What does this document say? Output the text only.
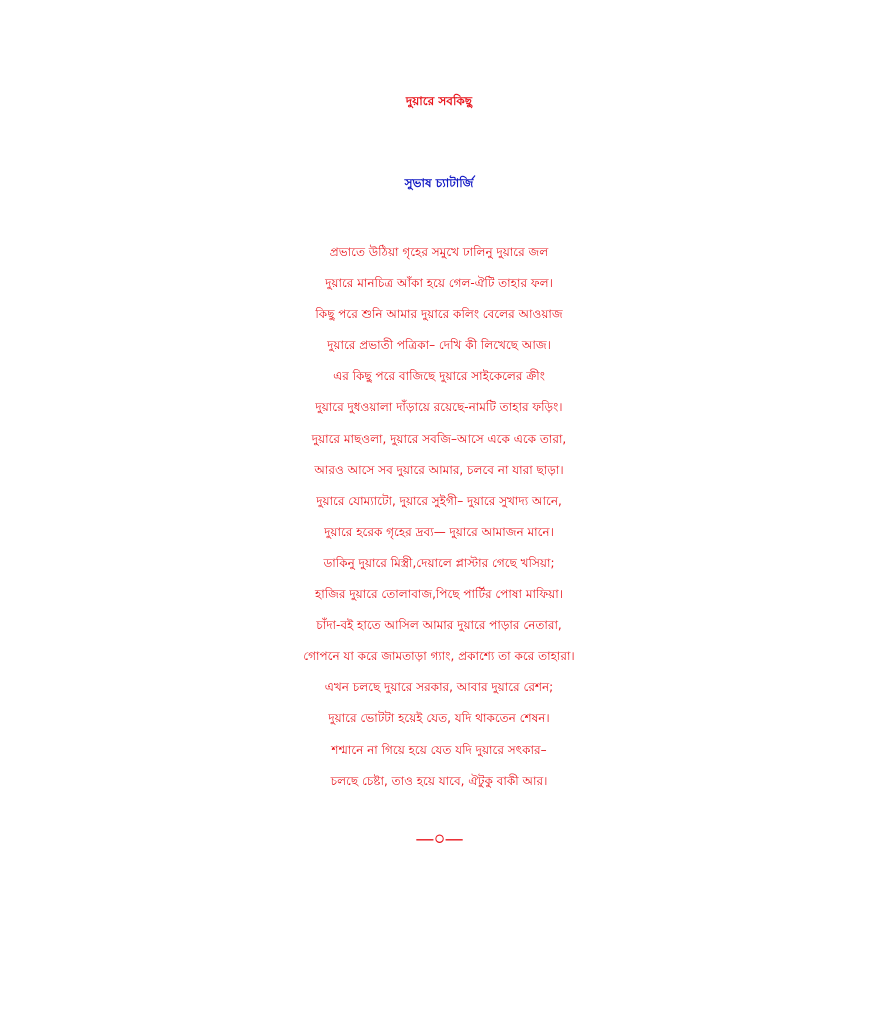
দুয়ারে সবকিছু
সুভাষ চ্যাটার্জি
প্রভাতে উঠিয়া গৃহের সমুখে ঢালিনু দুয়ারে জল
দুয়ারে মানচিত্র আঁকা হয়ে গেল-ঐটি তাহার ফল।
কিছু পরে শুনি আমার দুয়ারে কলিং বেলের আওয়াজ
দুয়ারে প্রভাতী পত্রিকা– দেখি কী লিখেছে আজ।
এর কিছু পরে বাজিছে দুয়ারে সাইকেলের ক্রীং
দুয়ারে দুধওয়ালা দাঁড়ায়ে রয়েছে-নামটি তাহার ফড়িং।
দুয়ারে মাছওলা, দুয়ারে সবজি–আসে একে একে তারা,
আরও আসে সব দুয়ারে আমার, চলবে না যারা ছাড়া।
দুয়ারে যোম্যাটো, দুয়ারে সুইগী– দুয়ারে সুখাদ্য আনে,
দুয়ারে হরেক গৃহের দ্রব্য— দুয়ারে আমাজন মানে।
ডাকিনু দুয়ারে মিস্ত্রী,দেয়ালে প্লাস্টার গেছে খসিয়া;
হাজির দুয়ারে তোলাবাজ,পিছে পার্টির পোষা মাফিয়া।
চাঁদা-বই হাতে আসিল আমার দুয়ারে পাড়ার নেতারা,
গোপনে যা করে জামতাড়া গ্যাং, প্রকাশ্যে তা করে তাহারা।
এখন চলছে দুয়ারে সরকার, আবার দুয়ারে রেশন;
দুয়ারে ভোটটা হয়েই যেত, যদি থাকতেন শেষন।
শশ্মানে না গিয়ে হয়ে যেত যদি দুয়ারে সৎকার–
চলছে চেষ্টা, তাও হয়ে যাবে, ঐটুকু বাকী আর।
—০—
